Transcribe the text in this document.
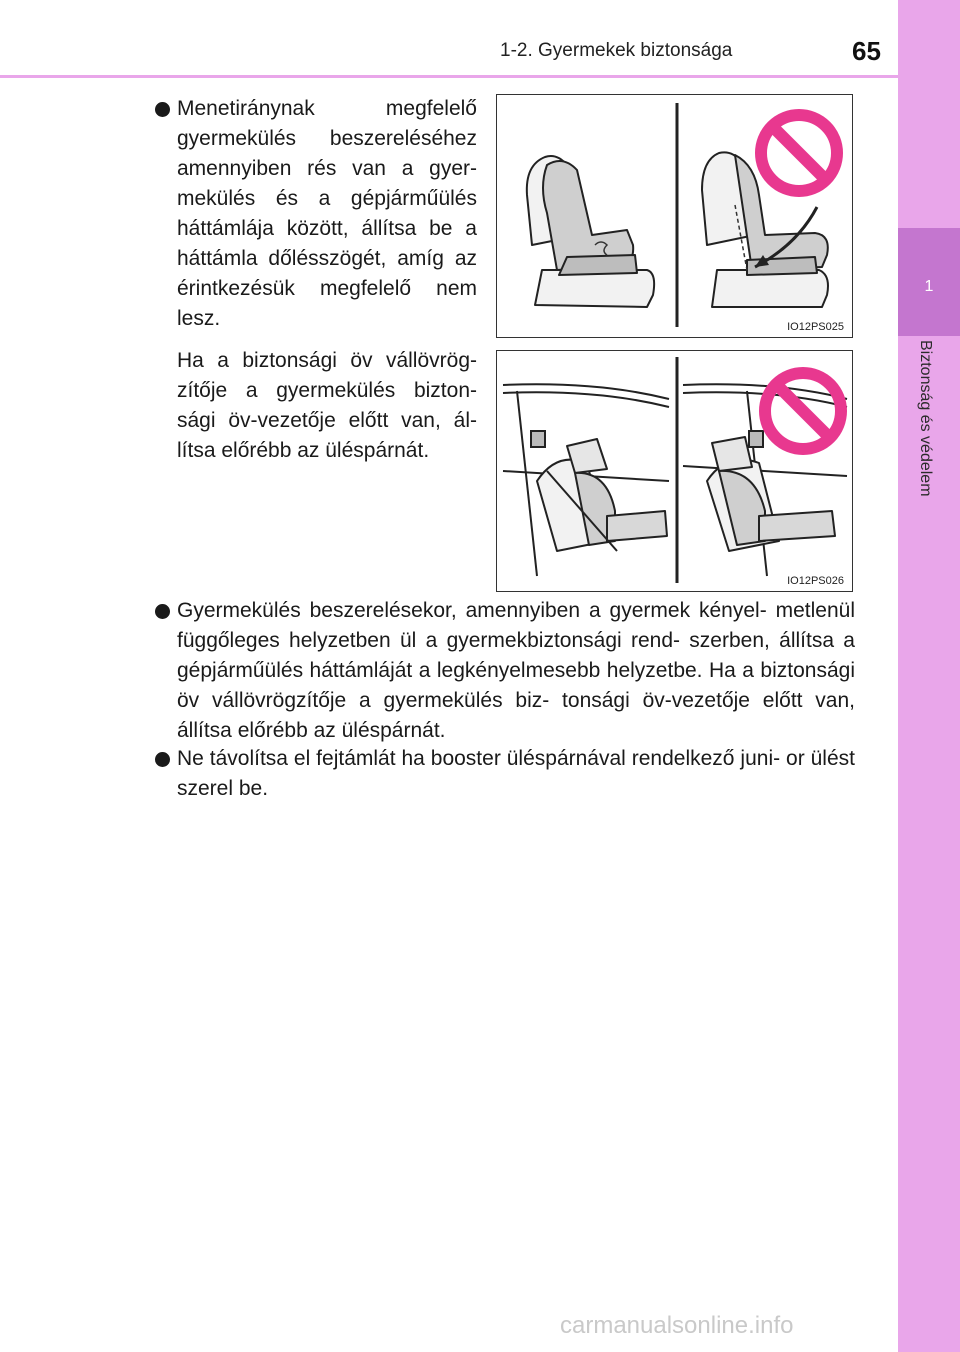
1-2. Gyermekek biztonsága	65
1
Biztonság és védelem
Menetiránynak megfelelő gyermekülés beszereléséhez amennyiben rés van a gyer- mekülés és a gépjárműülés háttámlája között, állítsa be a háttámla dőlésszögét, amíg az érintkezésük megfelelő nem lesz.
Ha a biztonsági öv vállövrög- zítője a gyermekülés bizton- sági öv-vezetője előtt van, ál- lítsa előrébb az üléspárnát.
IO12PS025
IO12PS026
Gyermekülés beszerelésekor, amennyiben a gyermek kényel- metlenül függőleges helyzetben ül a gyermekbiztonsági rend- szerben, állítsa a gépjárműülés háttámláját a legkényelmesebb helyzetbe. Ha a biztonsági öv vállövrögzítője a gyermekülés biz- tonsági öv-vezetője előtt van, állítsa előrébb az üléspárnát.
Ne távolítsa el fejtámlát ha booster üléspárnával rendelkező juni- or ülést szerel be.
carmanualsonline.info
